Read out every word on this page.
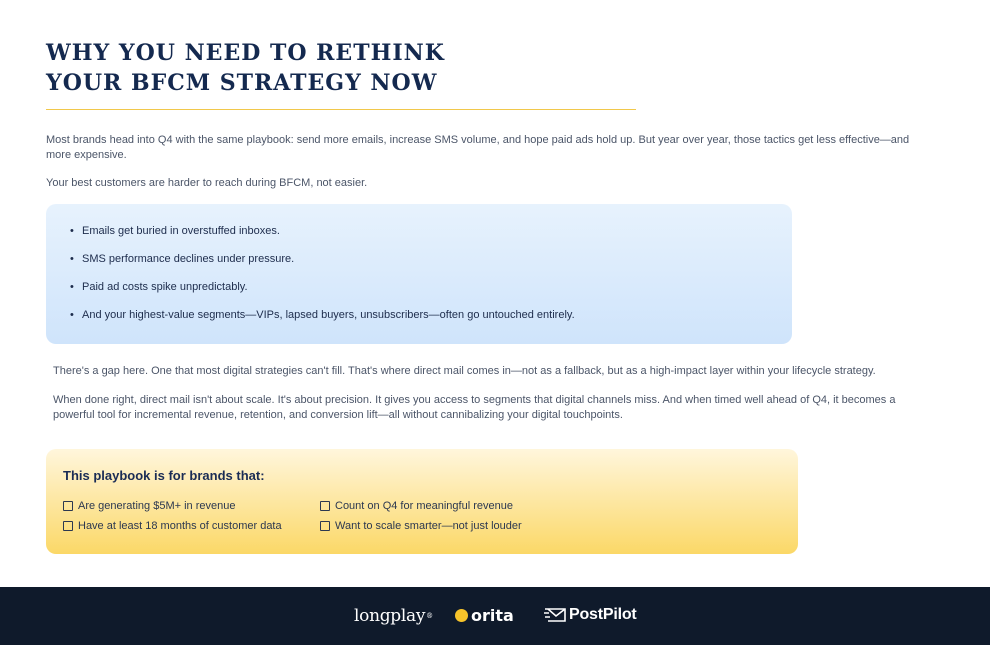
WHY YOU NEED TO RETHINK
YOUR BFCM STRATEGY NOW

Most brands head into Q4 with the same playbook: send more emails, increase SMS volume, and hope paid ads hold up. But year over year, those tactics get less effective—and more expensive.

Your best customers are harder to reach during BFCM, not easier.

• Emails get buried in overstuffed inboxes.
• SMS performance declines under pressure.
• Paid ad costs spike unpredictably.
• And your highest-value segments—VIPs, lapsed buyers, unsubscribers—often go untouched entirely.

There's a gap here. One that most digital strategies can't fill. That's where direct mail comes in—not as a fallback, but as a high-impact layer within your lifecycle strategy.

When done right, direct mail isn't about scale. It's about precision. It gives you access to segments that digital channels miss. And when timed well ahead of Q4, it becomes a powerful tool for incremental revenue, retention, and conversion lift—all without cannibalizing your digital touchpoints.

This playbook is for brands that:
Are generating $5M+ in revenue
Have at least 18 months of customer data
Count on Q4 for meaningful revenue
Want to scale smarter—not just louder
longplay ® orita	PostPilot
